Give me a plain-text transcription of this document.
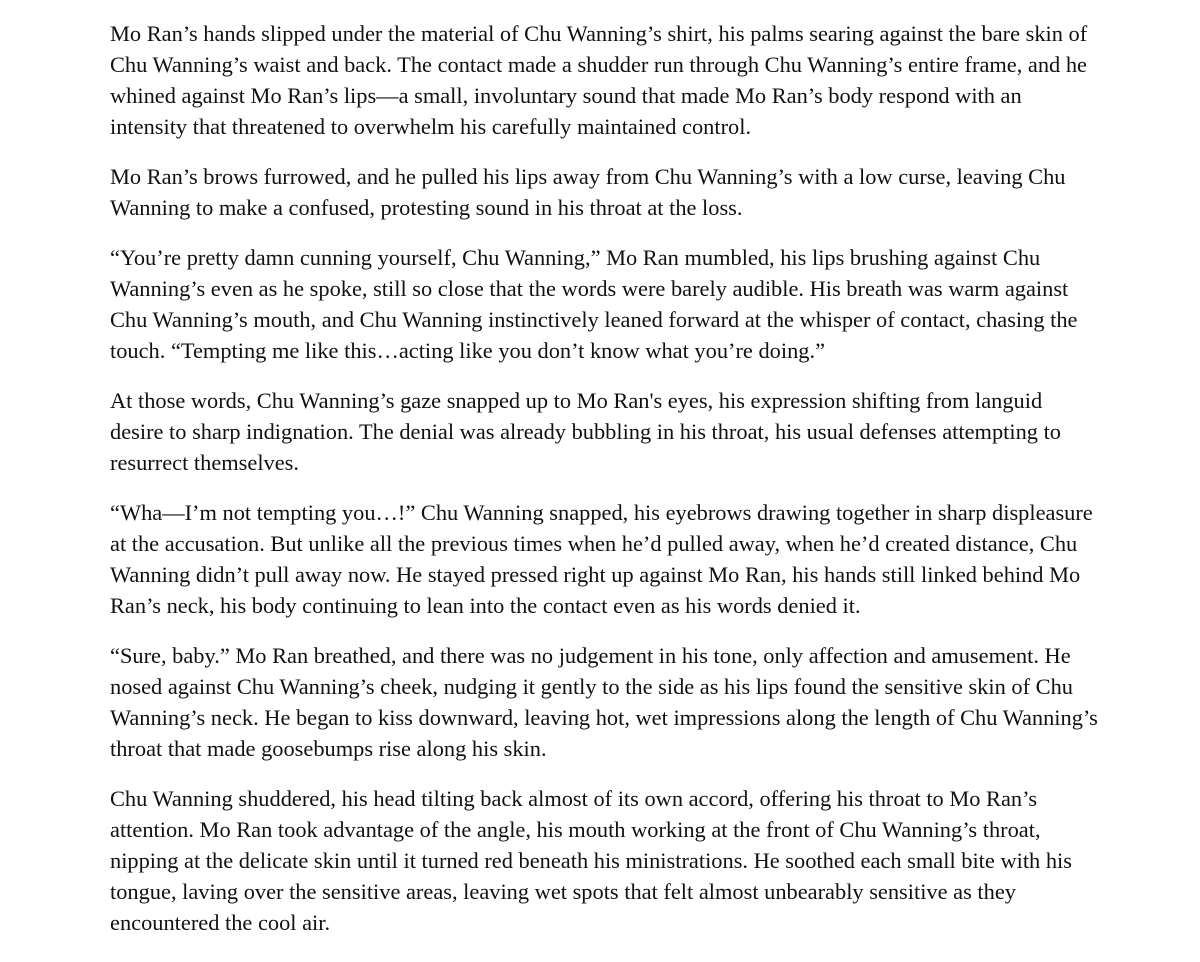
Mo Ran’s hands slipped under the material of Chu Wanning’s shirt, his palms searing against the bare skin of Chu Wanning’s waist and back. The contact made a shudder run through Chu Wanning’s entire frame, and he whined against Mo Ran’s lips—a small, involuntary sound that made Mo Ran’s body respond with an intensity that threatened to overwhelm his carefully maintained control.

Mo Ran’s brows furrowed, and he pulled his lips away from Chu Wanning’s with a low curse, leaving Chu Wanning to make a confused, protesting sound in his throat at the loss.

“You’re pretty damn cunning yourself, Chu Wanning,” Mo Ran mumbled, his lips brushing against Chu Wanning’s even as he spoke, still so close that the words were barely audible. His breath was warm against Chu Wanning’s mouth, and Chu Wanning instinctively leaned forward at the whisper of contact, chasing the touch. “Tempting me like this…acting like you don’t know what you’re doing.”

At those words, Chu Wanning’s gaze snapped up to Mo Ran's eyes, his expression shifting from languid desire to sharp indignation. The denial was already bubbling in his throat, his usual defenses attempting to resurrect themselves.

“Wha—I’m not tempting you…!” Chu Wanning snapped, his eyebrows drawing together in sharp displeasure at the accusation. But unlike all the previous times when he’d pulled away, when he’d created distance, Chu Wanning didn’t pull away now. He stayed pressed right up against Mo Ran, his hands still linked behind Mo Ran’s neck, his body continuing to lean into the contact even as his words denied it.

“Sure, baby.” Mo Ran breathed, and there was no judgement in his tone, only affection and amusement. He nosed against Chu Wanning’s cheek, nudging it gently to the side as his lips found the sensitive skin of Chu Wanning’s neck. He began to kiss downward, leaving hot, wet impressions along the length of Chu Wanning’s throat that made goosebumps rise along his skin.

Chu Wanning shuddered, his head tilting back almost of its own accord, offering his throat to Mo Ran’s attention. Mo Ran took advantage of the angle, his mouth working at the front of Chu Wanning’s throat, nipping at the delicate skin until it turned red beneath his ministrations. He soothed each small bite with his tongue, laving over the sensitive areas, leaving wet spots that felt almost unbearably sensitive as they encountered the cool air.
